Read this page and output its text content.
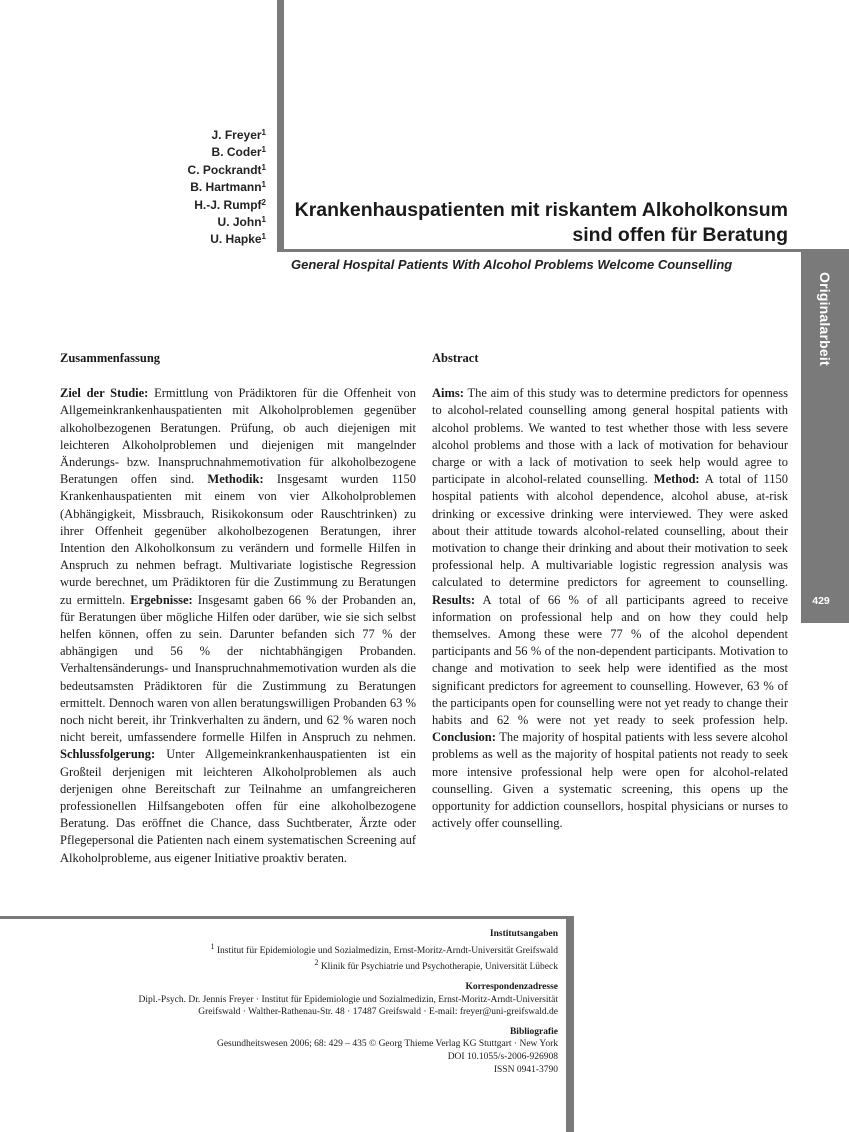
J. Freyer$^1$
B. Coder$^1$
C. Pockrandt$^1$
B. Hartmann$^1$
H.-J. Rumpf$^2$
U. John$^1$
U. Hapke$^1$
Krankenhauspatienten mit riskantem Alkoholkonsum
sind offen für Beratung
General Hospital Patients With Alcohol Problems Welcome Counselling
Originalarbeit
429
Zusammenfassung

Ziel der Studie: Ermittlung von Prädiktoren für die Offenheit von Allgemeinkrankenhauspatienten mit Alkoholproblemen gegenüber alkoholbezogenen Beratungen. Prüfung, ob auch diejenigen mit leichteren Alkoholproblemen und diejenigen mit mangelnder Änderungs- bzw. Inanspruchnahmemotivation für alkoholbezogene Beratungen offen sind. Methodik: Insgesamt wurden 1150 Krankenhauspatienten mit einem von vier Alkoholproblemen (Abhängigkeit, Missbrauch, Risikokonsum oder Rauschtrinken) zu ihrer Offenheit gegenüber alkoholbezogenen Beratungen, ihrer Intention den Alkoholkonsum zu verändern und formelle Hilfen in Anspruch zu nehmen befragt. Multivariate logistische Regression wurde berechnet, um Prädiktoren für die Zustimmung zu Beratungen zu ermitteln. Ergebnisse: Insgesamt gaben 66 % der Probanden an, für Beratungen über mögliche Hilfen oder darüber, wie sie sich selbst helfen können, offen zu sein. Darunter befanden sich 77 % der abhängigen und 56 % der nichtabhängigen Probanden. Verhaltensänderungs- und Inanspruchnahmemotivation wurden als die bedeutsamsten Prädiktoren für die Zustimmung zu Beratungen ermittelt. Dennoch waren von allen beratungswilligen Probanden 63 % noch nicht bereit, ihr Trinkverhalten zu ändern, und 62 % waren noch nicht bereit, umfassendere formelle Hilfen in Anspruch zu nehmen. Schlussfolgerung: Unter Allgemeinkrankenhauspatienten ist ein Großteil derjenigen mit leichteren Alkoholproblemen als auch derjenigen ohne Bereitschaft zur Teilnahme an umfangreicheren professionellen Hilfsangeboten offen für eine alkoholbezogene Beratung. Das eröffnet die Chance, dass Suchtberater, Ärzte oder Pflegepersonal die Patienten nach einem systematischen Screening auf Alkoholprobleme, aus eigener Initiative proaktiv beraten.

Abstract

Aims: The aim of this study was to determine predictors for openness to alcohol-related counselling among general hospital patients with alcohol problems. We wanted to test whether those with less severe alcohol problems and those with a lack of motivation for behaviour charge or with a lack of motivation to seek help would agree to participate in alcohol-related counselling. Method: A total of 1150 hospital patients with alcohol dependence, alcohol abuse, at-risk drinking or excessive drinking were interviewed. They were asked about their attitude towards alcohol-related counselling, about their motivation to change their drinking and about their motivation to seek professional help. A multivariable logistic regression analysis was calculated to determine predictors for agreement to counselling. Results: A total of 66 % of all participants agreed to receive information on professional help and on how they could help themselves. Among these were 77 % of the alcohol dependent participants and 56 % of the non-dependent participants. Motivation to change and motivation to seek help were identified as the most significant predictors for agreement to counselling. However, 63 % of the participants open for counselling were not yet ready to change their habits and 62 % were not yet ready to seek profession help. Conclusion: The majority of hospital patients with less severe alcohol problems as well as the majority of hospital patients not ready to seek more intensive professional help were open for alcohol-related counselling. Given a systematic screening, this opens up the opportunity for addiction counsellors, hospital physicians or nurses to actively offer counselling.

Institutsangaben
$^1$ Institut für Epidemiologie und Sozialmedizin, Ernst-Moritz-Arndt-Universität Greifswald
$^2$ Klinik für Psychiatrie und Psychotherapie, Universität Lübeck
Korrespondenzadresse
Dipl.-Psych. Dr. Jennis Freyer · Institut für Epidemiologie und Sozialmedizin, Ernst-Moritz-Arndt-Universität
Greifswald · Walther-Rathenau-Str. 48 · 17487 Greifswald · E-mail: freyer@uni-greifswald.de
Bibliografie
Gesundheitswesen 2006; 68: 429 – 435 © Georg Thieme Verlag KG Stuttgart · New York
DOI 10.1055/s-2006-926908
ISSN 0941-3790
